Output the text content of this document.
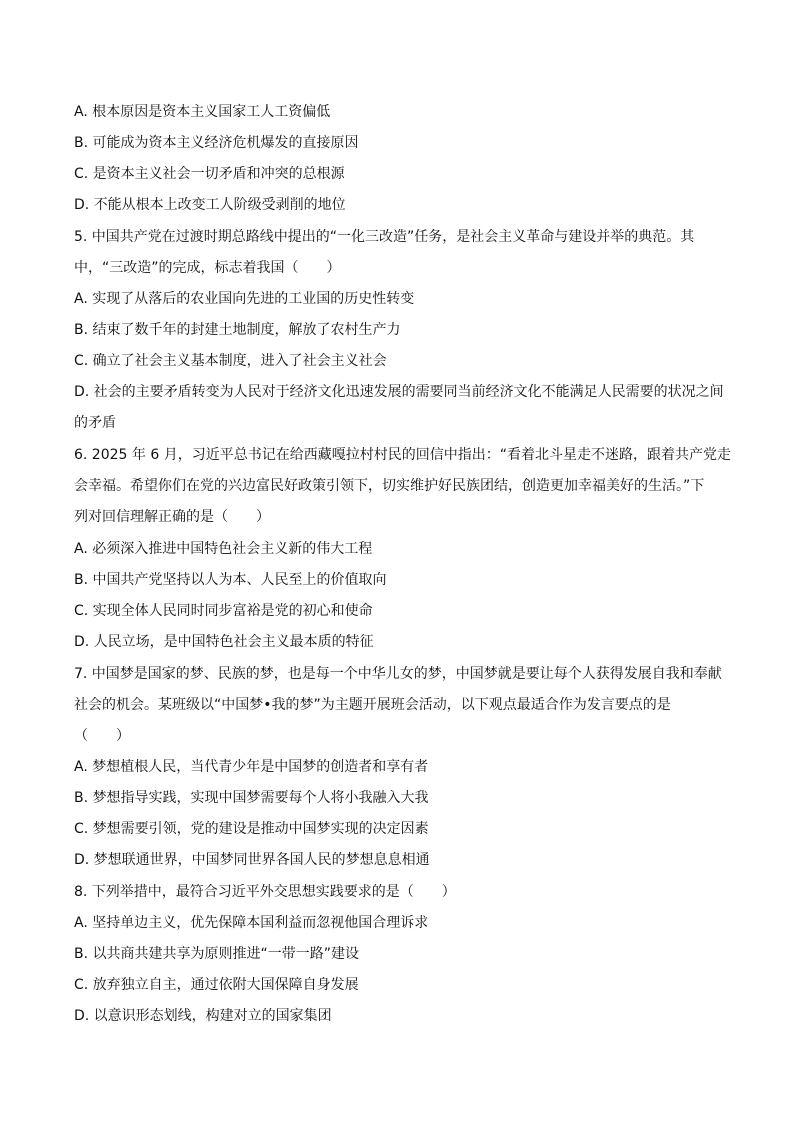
A. 根本原因是资本主义国家工人工资偏低
B. 可能成为资本主义经济危机爆发的直接原因
C. 是资本主义社会一切矛盾和冲突的总根源
D. 不能从根本上改变工人阶级受剥削的地位
5. 中国共产党在过渡时期总路线中提出的“一化三改造”任务，是社会主义革命与建设并举的典范。其
中，“三改造”的完成，标志着我国（　　）
A. 实现了从落后的农业国向先进的工业国的历史性转变
B. 结束了数千年的封建土地制度，解放了农村生产力
C. 确立了社会主义基本制度，进入了社会主义社会
D. 社会的主要矛盾转变为人民对于经济文化迅速发展的需要同当前经济文化不能满足人民需要的状况之间
的矛盾
6. 2025 年 6 月，习近平总书记在给西藏嘎拉村村民的回信中指出：“看着北斗星走不迷路，跟着共产党走
会幸福。希望你们在党的兴边富民好政策引领下，切实维护好民族团结，创造更加幸福美好的生活。”下
列对回信理解正确的是（　　）
A. 必须深入推进中国特色社会主义新的伟大工程
B. 中国共产党坚持以人为本、人民至上的价值取向
C. 实现全体人民同时同步富裕是党的初心和使命
D. 人民立场，是中国特色社会主义最本质的特征
7. 中国梦是国家的梦、民族的梦，也是每一个中华儿女的梦，中国梦就是要让每个人获得发展自我和奉献
社会的机会。某班级以“中国梦•我的梦”为主题开展班会活动，以下观点最适合作为发言要点的是
（　　）
A. 梦想植根人民，当代青少年是中国梦的创造者和享有者
B. 梦想指导实践，实现中国梦需要每个人将小我融入大我
C. 梦想需要引领，党的建设是推动中国梦实现的决定因素
D. 梦想联通世界，中国梦同世界各国人民的梦想息息相通
8. 下列举措中，最符合习近平外交思想实践要求的是（　　）
A. 坚持单边主义，优先保障本国利益而忽视他国合理诉求
B. 以共商共建共享为原则推进“一带一路”建设
C. 放弃独立自主，通过依附大国保障自身发展
D. 以意识形态划线，构建对立的国家集团
